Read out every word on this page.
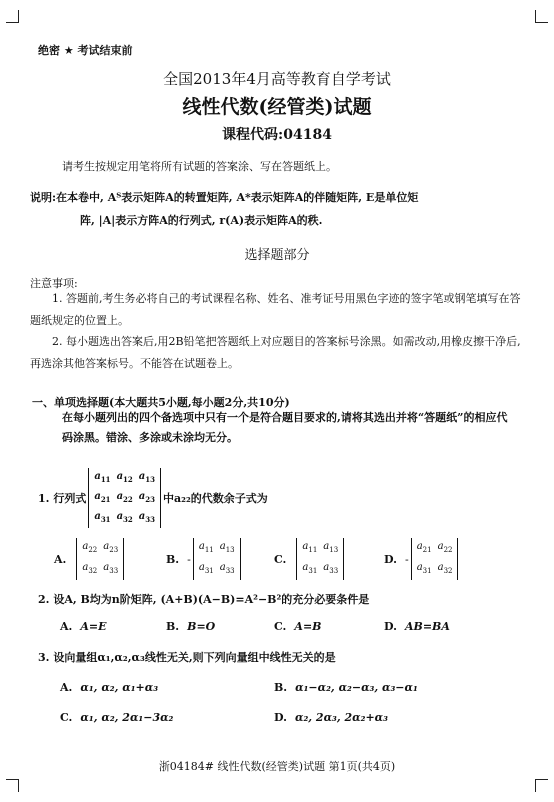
绝密 ★ 考试结束前
全国2013年4月高等教育自学考试
线性代数(经管类)试题
课程代码:04184
请考生按规定用笔将所有试题的答案涂、写在答题纸上。
说明:在本卷中, Aᵀ表示矩阵A的转置矩阵, A*表示矩阵A的伴随矩阵, E是单位矩
阵, |A|表示方阵A的行列式, r(A)表示矩阵A的秩.
选择题部分
注意事项:
1. 答题前,考生务必将自己的考试课程名称、姓名、准考证号用黑色字迹的签字笔或钢笔填写在答题纸规定的位置上。
2. 每小题选出答案后,用2B铅笔把答题纸上对应题目的答案标号涂黑。如需改动,用橡皮擦干净后,再选涂其他答案标号。不能答在试题卷上。
一、单项选择题(本大题共5小题,每小题2分,共10分)
在每小题列出的四个备选项中只有一个是符合题目要求的,请将其选出并将“答题纸”的相应代码涂黑。错涂、多涂或未涂均无分。
1. 行列式
$a_{11}$	$a_{12}$	$a_{13}$
$a_{21}$	$a_{22}$	$a_{23}$
$a_{31}$	$a_{32}$	$a_{33}$
中a₂₂的代数余子式为
A.
$a_{22}$	$a_{23}$
$a_{32}$	$a_{33}$
B. -
$a_{11}$	$a_{13}$
$a_{31}$	$a_{33}$
C.
$a_{11}$	$a_{13}$
$a_{31}$	$a_{33}$
D. -
$a_{21}$	$a_{22}$
$a_{31}$	$a_{32}$
2. 设A, B均为n阶矩阵, (A+B)(A−B)=A²−B²的充分必要条件是
A. A=E	B. B=O	C. A=B	D. AB=BA
3. 设向量组α₁,α₂,α₃线性无关,则下列向量组中线性无关的是
A. α₁, α₂, α₁+α₃	B. α₁−α₂, α₂−α₃, α₃−α₁
C. α₁, α₂, 2α₁−3α₂	D. α₂, 2α₃, 2α₂+α₃
浙04184# 线性代数(经管类)试题 第1页(共4页)
